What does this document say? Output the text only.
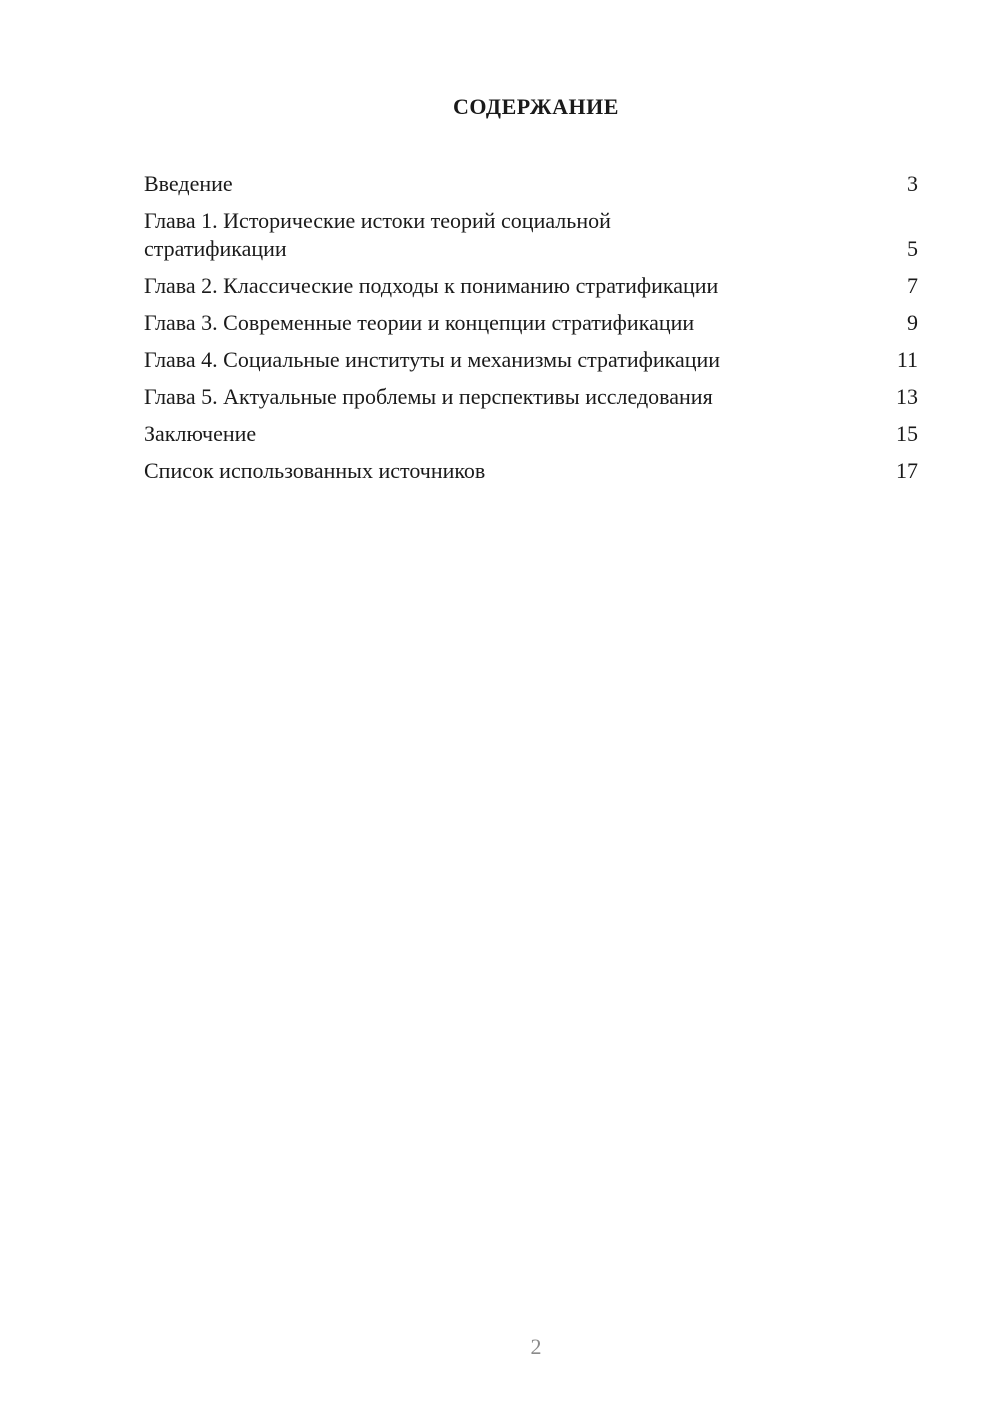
СОДЕРЖАНИЕ
Введение	3
Глава 1. Исторические истоки теорий социальной стратификации	5
Глава 2. Классические подходы к пониманию стратификации	7
Глава 3. Современные теории и концепции стратификации	9
Глава 4. Социальные институты и механизмы стратификации	11
Глава 5. Актуальные проблемы и перспективы исследования	13
Заключение	15
Список использованных источников	17
2
